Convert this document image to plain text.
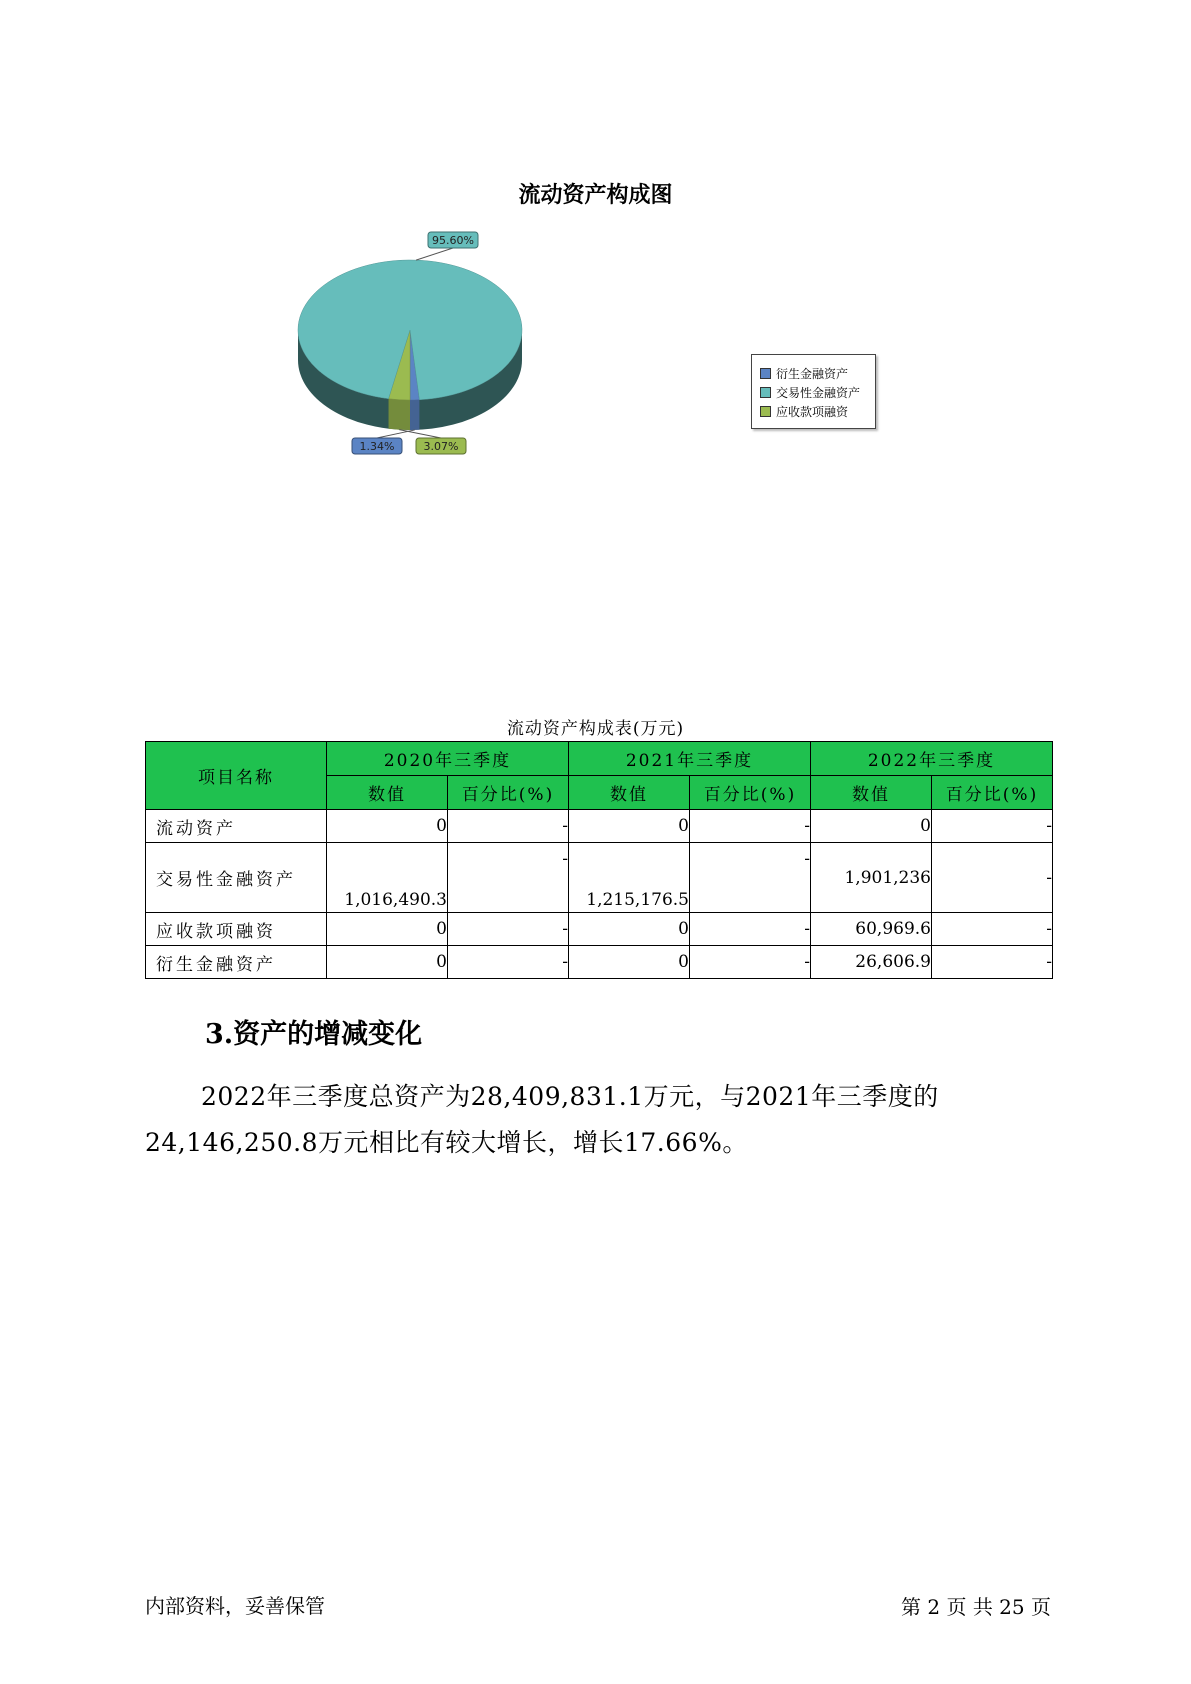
流动资产构成图
1.34%	3.07%
95.60%
衍生金融资产
交易性金融资产
应收款项融资
流动资产构成表(万元)
项目名称	2020年三季度		2021年三季度		2022年三季度	
	数值	百分比(%)	数值	百分比(%)	数值	百分比(%)
流动资产	0	-	0	-	0	-
交易性金融资产	1,016,490.3	-	1,215,176.5	-	1,901,236	-
应收款项融资	0	-	0	-	60,969.6	-
衍生金融资产	0	-	0	-	26,606.9	-
3.资产的增减变化
2022年三季度总资产为28,409,831.1万元，与2021年三季度的
24,146,250.8万元相比有较大增长，增长17.66%。
内部资料，妥善保管	第 2 页 共 25 页
